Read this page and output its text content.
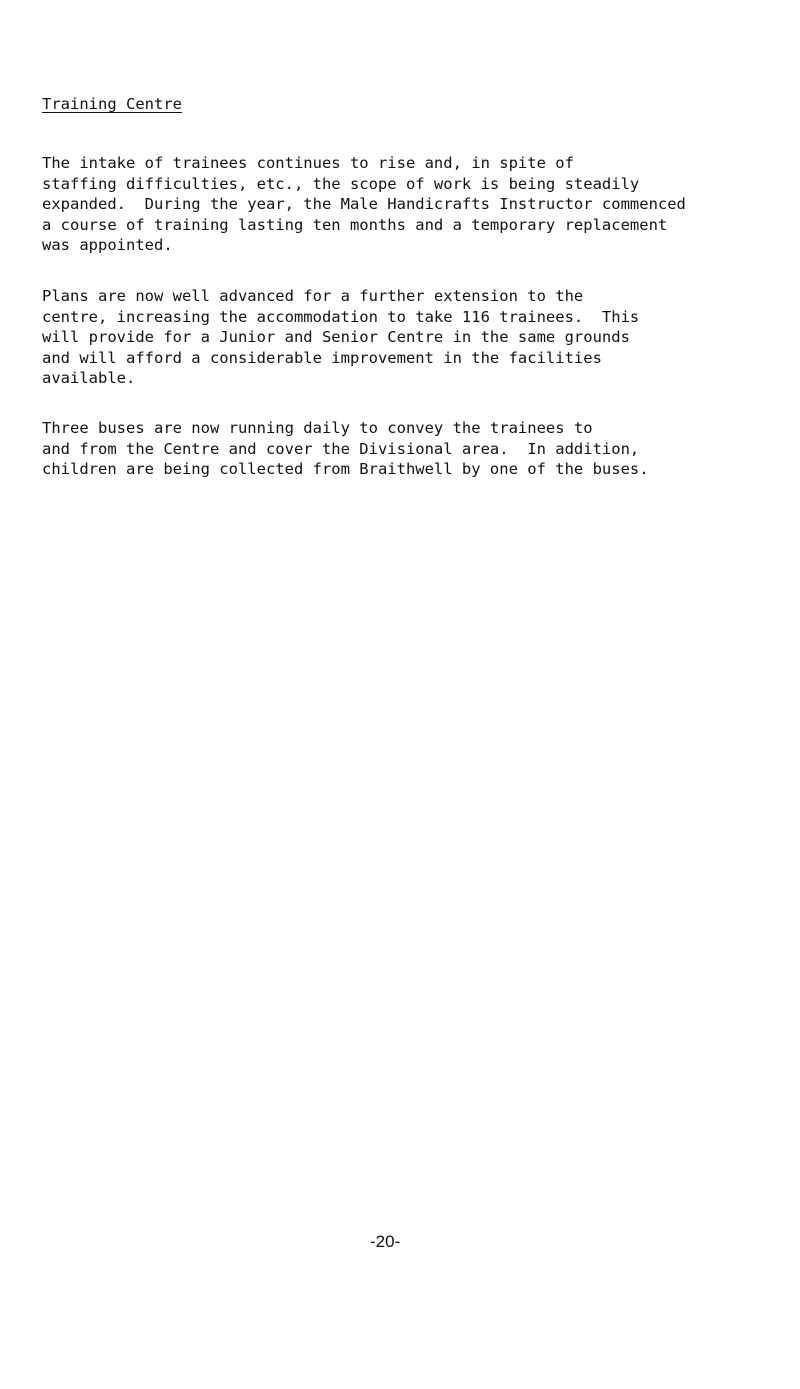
Training Centre
The intake of trainees continues to rise and, in spite of
staffing difficulties, etc., the scope of work is being steadily
expanded.  During the year, the Male Handicrafts Instructor commenced
a course of training lasting ten months and a temporary replacement
was appointed.
Plans are now well advanced for a further extension to the
centre, increasing the accommodation to take 116 trainees.  This
will provide for a Junior and Senior Centre in the same grounds
and will afford a considerable improvement in the facilities
available.
Three buses are now running daily to convey the trainees to
and from the Centre and cover the Divisional area.  In addition,
children are being collected from Braithwell by one of the buses.

-20-
